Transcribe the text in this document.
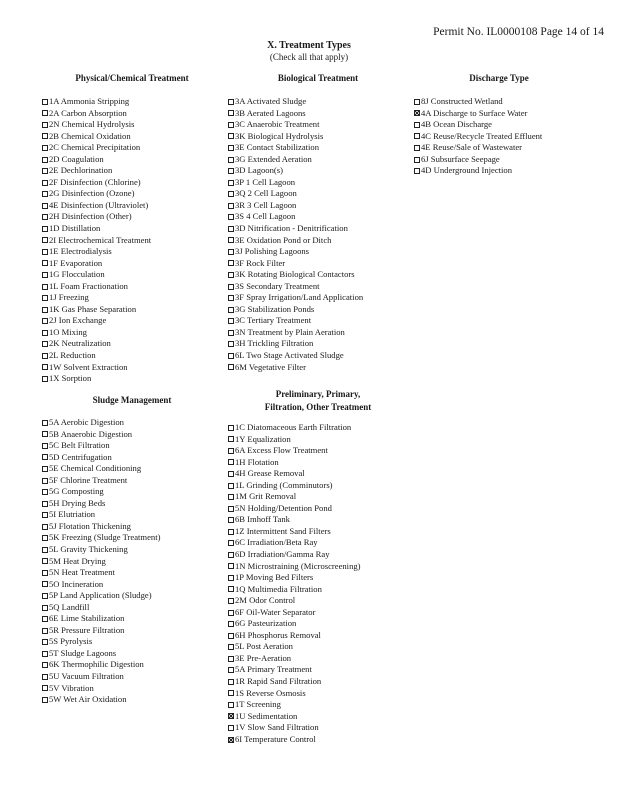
Permit No. IL0000108 Page 14 of 14
X. Treatment Types
(Check all that apply)
Physical/Chemical Treatment
1A Ammonia Stripping
2A Carbon Absorption
2N Chemical Hydrolysis
2B Chemical Oxidation
2C Chemical Precipitation
2D Coagulation
2E Dechlorination
2F Disinfection (Chlorine)
2G Disinfection (Ozone)
4E Disinfection (Ultraviolet)
2H Disinfection (Other)
1D Distillation
2I Electrochemical Treatment
1E Electrodialysis
1F Evaporation
1G Flocculation
1L Foam Fractionation
1J Freezing
1K Gas Phase Separation
2J Ion Exchange
1O Mixing
2K Neutralization
2L Reduction
1W Solvent Extraction
1X Sorption
Sludge Management
5A Aerobic Digestion
5B Anaerobic Digestion
5C Belt Filtration
5D Centrifugation
5E Chemical Conditioning
5F Chlorine Treatment
5G Composting
5H Drying Beds
5I Elutriation
5J Flotation Thickening
5K Freezing (Sludge Treatment)
5L Gravity Thickening
5M Heat Drying
5N Heat Treatment
5O Incineration
5P Land Application (Sludge)
5Q Landfill
6E Lime Stabilization
5R Pressure Filtration
5S Pyrolysis
5T Sludge Lagoons
6K Thermophilic Digestion
5U Vacuum Filtration
5V Vibration
5W Wet Air Oxidation
Biological Treatment
3A Activated Sludge
3B Aerated Lagoons
3C Anaerobic Treatment
3K Biological Hydrolysis
3E Contact Stabilization
3G Extended Aeration
3D Lagoon(s)
3P 1 Cell Lagoon
3Q 2 Cell Lagoon
3R 3 Cell Lagoon
3S 4 Cell Lagoon
3D Nitrification - Denitrification
3E Oxidation Pond or Ditch
3J Polishing Lagoons
3F Rock Filter
3K Rotating Biological Contactors
3S Secondary Treatment
3F Spray Irrigation/Land Application
3G Stabilization Ponds
3C Tertiary Treatment
3N Treatment by Plain Aeration
3H Trickling Filtration
6L Two Stage Activated Sludge
6M Vegetative Filter
Preliminary, Primary,
Filtration, Other Treatment
1C Diatomaceous Earth Filtration
1Y Equalization
6A Excess Flow Treatment
1H Flotation
4H Grease Removal
1L Grinding (Comminutors)
1M Grit Removal
5N Holding/Detention Pond
6B Imhoff Tank
1Z Intermittent Sand Filters
6C Irradiation/Beta Ray
6D Irradiation/Gamma Ray
1N Microstraining (Microscreening)
1P Moving Bed Filters
1Q Multimedia Filtration
2M Odor Control
6F Oil-Water Separator
6G Pasteurization
6H Phosphorus Removal
5L Post Aeration
3E Pre-Aeration
5A Primary Treatment
1R Rapid Sand Filtration
1S Reverse Osmosis
1T Screening
1U Sedimentation
1V Slow Sand Filtration
6I Temperature Control
Discharge Type
8J Constructed Wetland
4A Discharge to Surface Water
4B Ocean Discharge
4C Reuse/Recycle Treated Effluent
4E Reuse/Sale of Wastewater
6J Subsurface Seepage
4D Underground Injection
